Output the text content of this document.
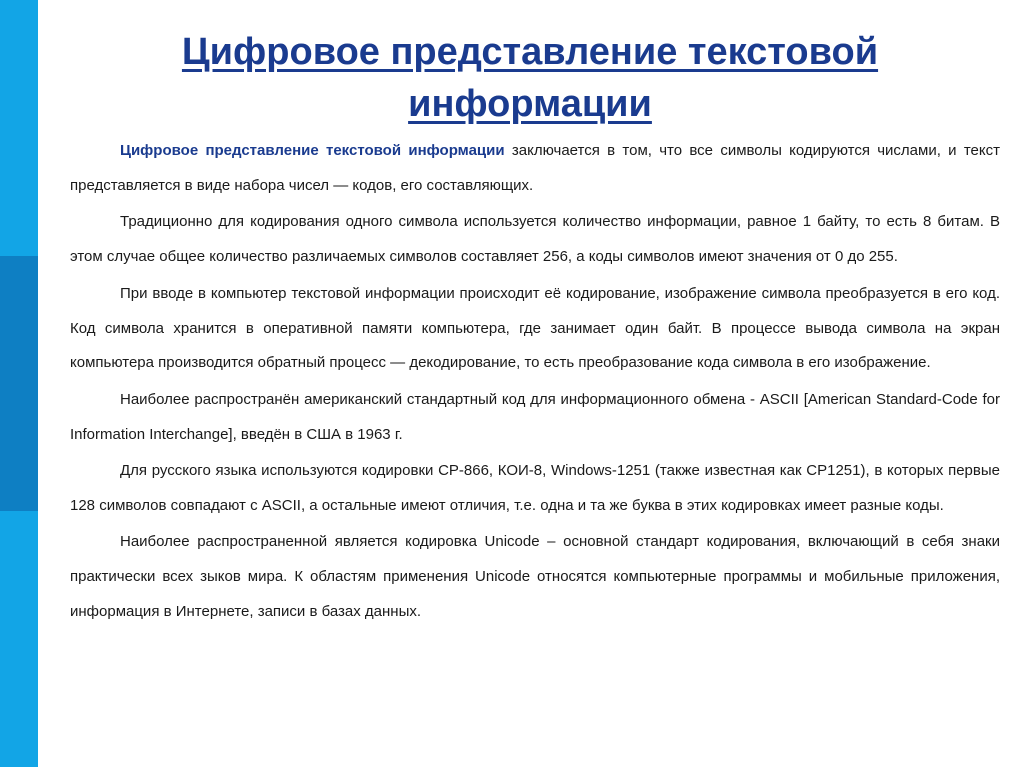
Цифровое представление текстовой информации

Цифровое представление текстовой информации заключается в том, что все символы кодируются числами, и текст представляется в виде набора чисел — кодов, его составляющих.

Традиционно для кодирования одного символа используется количество информации, равное 1 байту, то есть 8 битам. В этом случае общее количество различаемых символов составляет 256, а коды символов имеют значения от 0 до 255.

При вводе в компьютер текстовой информации происходит её кодирование, изображение символа преобразуется в его код. Код символа хранится в оперативной памяти компьютера, где занимает один байт. В процессе вывода символа на экран компьютера производится обратный процесс — декодирование, то есть преобразование кода символа в его изображение.

Наиболее распространён американский стандартный код для информационного обмена - ASCII [American Standard-Code for Information Interchange], введён в США в 1963 г.

Для русского языка используются кодировки CP-866, КОИ-8, Windows-1251 (также известная как CP1251), в которых первые 128 символов совпадают с ASCII, а остальные имеют отличия, т.е. одна и та же буква в этих кодировках имеет разные коды.

Наиболее распространенной является кодировка Unicode – основной стандарт кодирования, включающий в себя знаки практически всех зыков мира. К областям применения Unicode относятся компьютерные программы и мобильные приложения, информация в Интернете, записи в базах данных.
